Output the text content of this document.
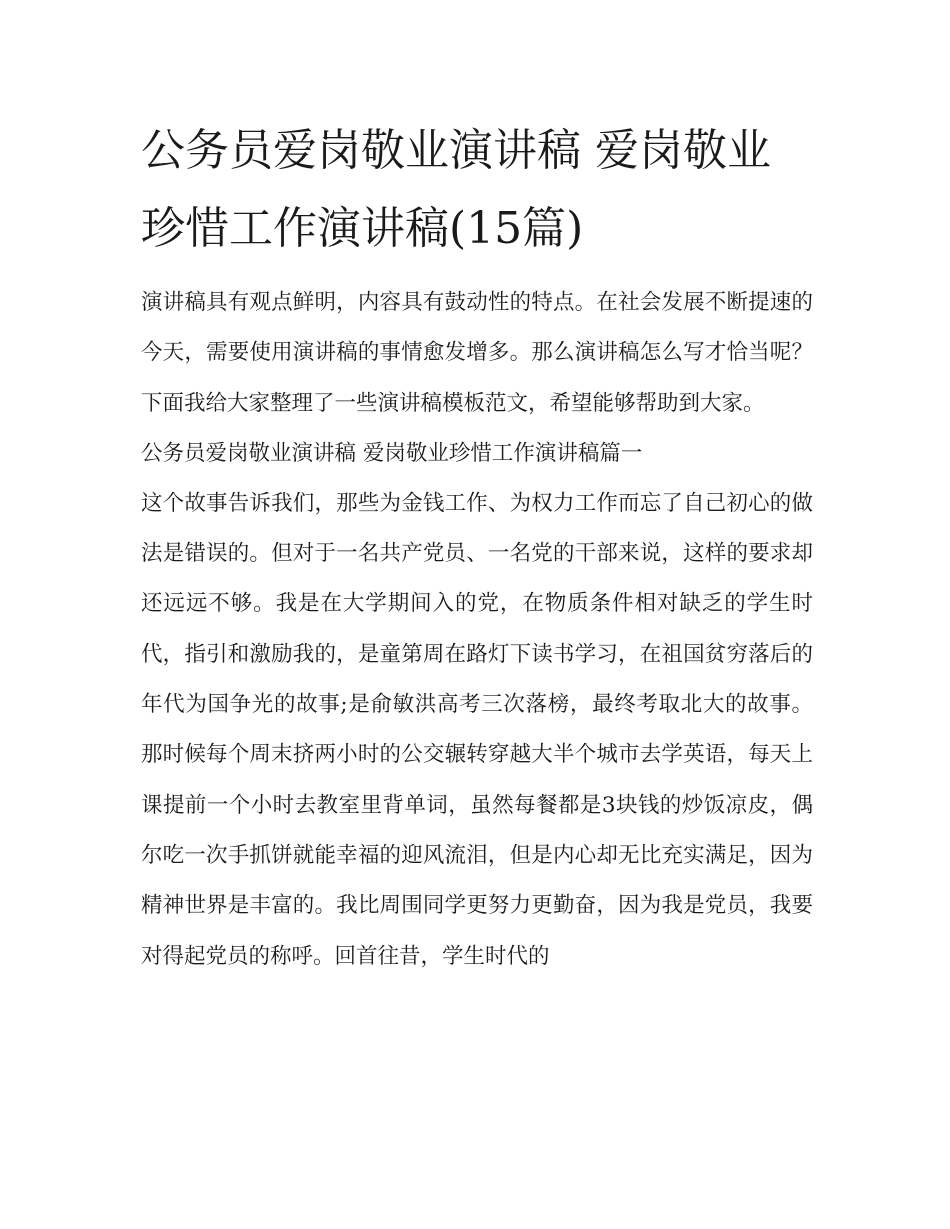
公务员爱岗敬业演讲稿 爱岗敬业珍惜工作演讲稿(15篇)

演讲稿具有观点鲜明，内容具有鼓动性的特点。在社会发展不断提速的今天，需要使用演讲稿的事情愈发增多。那么演讲稿怎么写才恰当呢？下面我给大家整理了一些演讲稿模板范文，希望能够帮助到大家。

公务员爱岗敬业演讲稿 爱岗敬业珍惜工作演讲稿篇一

这个故事告诉我们，那些为金钱工作、为权力工作而忘了自己初心的做法是错误的。但对于一名共产党员、一名党的干部来说，这样的要求却还远远不够。我是在大学期间入的党，在物质条件相对缺乏的学生时代，指引和激励我的，是童第周在路灯下读书学习，在祖国贫穷落后的年代为国争光的故事;是俞敏洪高考三次落榜，最终考取北大的故事。那时候每个周末挤两小时的公交辗转穿越大半个城市去学英语，每天上课提前一个小时去教室里背单词，虽然每餐都是3块钱的炒饭凉皮，偶尔吃一次手抓饼就能幸福的迎风流泪，但是内心却无比充实满足，因为精神世界是丰富的。我比周围同学更努力更勤奋，因为我是党员，我要对得起党员的称呼。回首往昔，学生时代的
